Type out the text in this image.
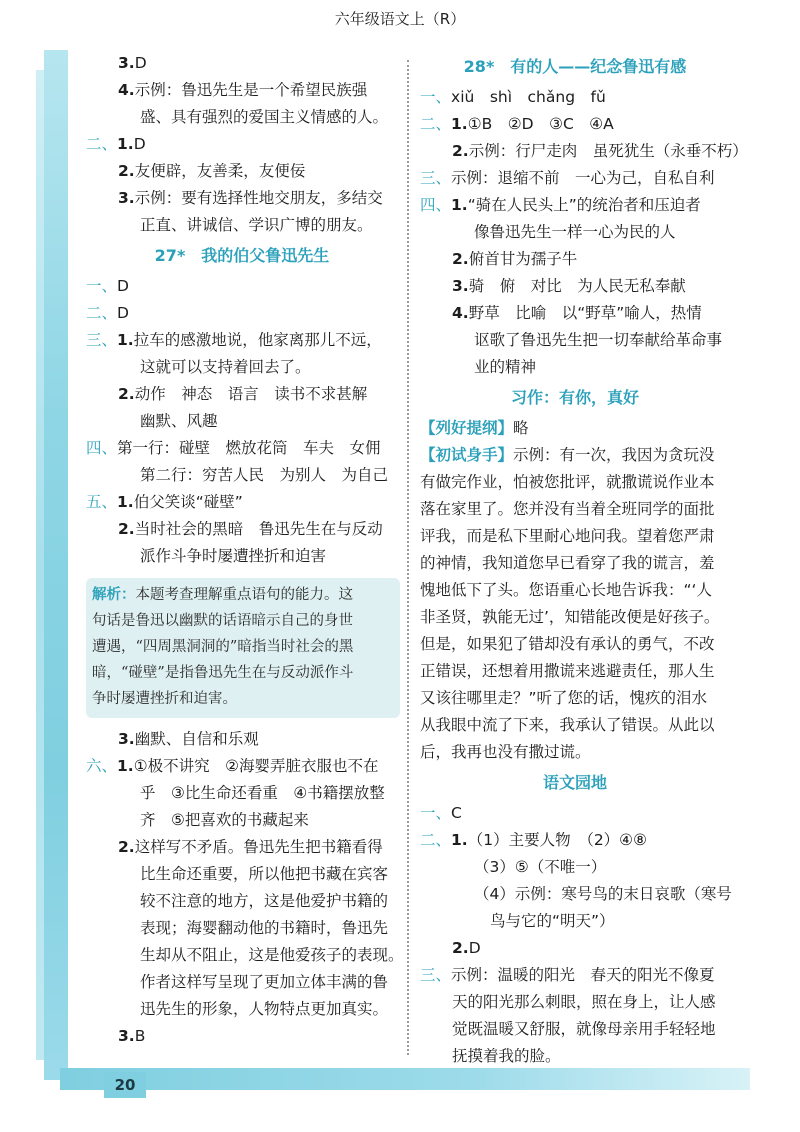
六年级语文上（R）
3.D
4.示例：鲁迅先生是一个希望民族强
盛、具有强烈的爱国主义情感的人。
二、1.D
2.友便辟，友善柔，友便佞
3.示例：要有选择性地交朋友，多结交
正直、讲诚信、学识广博的朋友。
27*　我的伯父鲁迅先生
一、D
二、D
三、1.拉车的感激地说，他家离那儿不远，
这就可以支持着回去了。
2.动作　神态　语言　读书不求甚解
幽默、风趣
四、第一行：碰壁　燃放花筒　车夫　女佣
第二行：穷苦人民　为别人　为自己
五、1.伯父笑谈“碰壁”
2.当时社会的黑暗　鲁迅先生在与反动
派作斗争时屡遭挫折和迫害
解析：本题考查理解重点语句的能力。这
句话是鲁迅以幽默的话语暗示自己的身世
遭遇，“四周黑洞洞的”暗指当时社会的黑
暗，“碰壁”是指鲁迅先生在与反动派作斗
争时屡遭挫折和迫害。
3.幽默、自信和乐观
六、1.①极不讲究　②海婴弄脏衣服也不在
乎　③比生命还看重　④书籍摆放整
齐　⑤把喜欢的书藏起来
2.这样写不矛盾。鲁迅先生把书籍看得
比生命还重要，所以他把书藏在宾客
较不注意的地方，这是他爱护书籍的
表现；海婴翻动他的书籍时，鲁迅先
生却从不阻止，这是他爱孩子的表现。
作者这样写呈现了更加立体丰满的鲁
迅先生的形象，人物特点更加真实。
3.B
28*　有的人——纪念鲁迅有感
一、xiǔ　shì　chǎng　fǔ
二、1.①B　②D　③C　④A
2.示例：行尸走肉　虽死犹生（永垂不朽）
三、示例：退缩不前　一心为己，自私自利
四、1.“骑在人民头上”的统治者和压迫者
像鲁迅先生一样一心为民的人
2.俯首甘为孺子牛
3.骑　俯　对比　为人民无私奉献
4.野草　比喻　以“野草”喻人，热情
讴歌了鲁迅先生把一切奉献给革命事
业的精神
习作：有你，真好
【列好提纲】略
【初试身手】示例：有一次，我因为贪玩没
有做完作业，怕被您批评，就撒谎说作业本
落在家里了。您并没有当着全班同学的面批
评我，而是私下里耐心地问我。望着您严肃
的神情，我知道您早已看穿了我的谎言，羞
愧地低下了头。您语重心长地告诉我：“‘人
非圣贤，孰能无过’，知错能改便是好孩子。
但是，如果犯了错却没有承认的勇气，不改
正错误，还想着用撒谎来逃避责任，那人生
又该往哪里走？”听了您的话，愧疚的泪水
从我眼中流了下来，我承认了错误。从此以
后，我再也没有撒过谎。
语文园地
一、C
二、1.（1）主要人物　（2）④⑧
（3）⑤（不唯一）
（4）示例：寒号鸟的末日哀歌（寒号
鸟与它的“明天”）
2.D
三、示例：温暖的阳光　春天的阳光不像夏
天的阳光那么刺眼，照在身上，让人感
觉既温暖又舒服，就像母亲用手轻轻地
抚摸着我的脸。
20
